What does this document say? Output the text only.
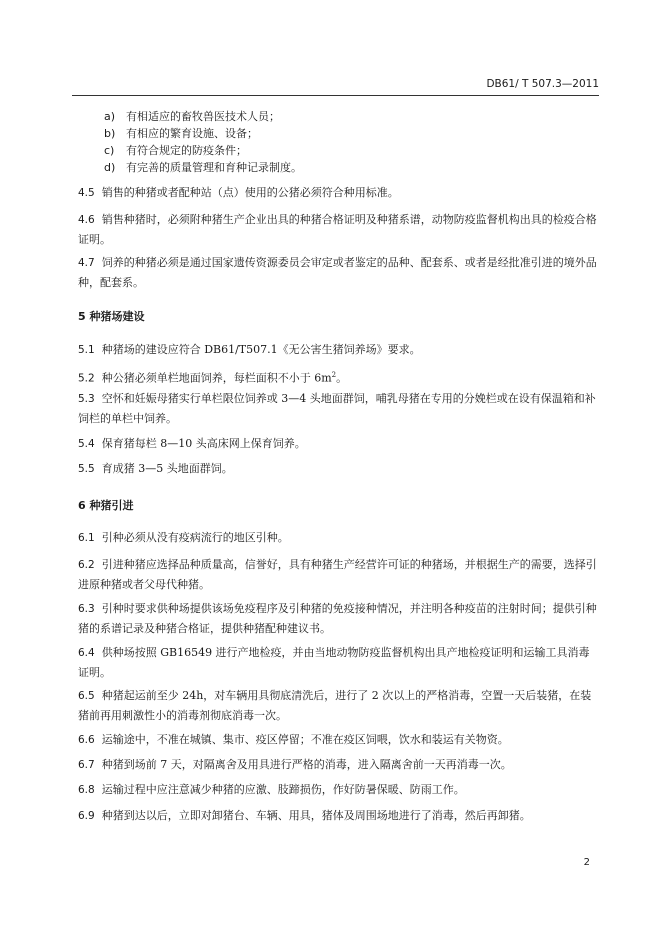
DB61/ T 507.3—2011
a) 有相适应的畜牧兽医技术人员；
b) 有相应的繁育设施、设备；
c) 有符合规定的防疫条件；
d) 有完善的质量管理和育种记录制度。
4.5 销售的种猪或者配种站（点）使用的公猪必须符合种用标准。
4.6 销售种猪时，必须附种猪生产企业出具的种猪合格证明及种猪系谱，动物防疫监督机构出具的检疫合格证明。
4.7 饲养的种猪必须是通过国家遗传资源委员会审定或者鉴定的品种、配套系、或者是经批准引进的境外品种，配套系。
5 种猪场建设
5.1 种猪场的建设应符合 DB61/T507.1《无公害生猪饲养场》要求。
5.2 种公猪必须单栏地面饲养，每栏面积不小于 $6m^2$。
5.3 空怀和妊娠母猪实行单栏限位饲养或 3—4 头地面群饲，哺乳母猪在专用的分娩栏或在设有保温箱和补饲栏的单栏中饲养。
5.4 保育猪每栏 8—10 头高床网上保育饲养。
5.5 育成猪 3—5 头地面群饲。
6 种猪引进
6.1 引种必须从没有疫病流行的地区引种。
6.2 引进种猪应选择品种质量高，信誉好，具有种猪生产经营许可证的种猪场，并根据生产的需要，选择引进原种猪或者父母代种猪。
6.3 引种时要求供种场提供该场免疫程序及引种猪的免疫接种情况，并注明各种疫苗的注射时间；提供引种猪的系谱记录及种猪合格证，提供种猪配种建议书。
6.4 供种场按照 GB16549 进行产地检疫，并由当地动物防疫监督机构出具产地检疫证明和运输工具消毒证明。
6.5 种猪起运前至少 24h，对车辆用具彻底清洗后，进行了 2 次以上的严格消毒，空置一天后装猪，在装猪前再用刺激性小的消毒剂彻底消毒一次。
6.6 运输途中，不准在城镇、集市、疫区停留；不准在疫区饲喂，饮水和装运有关物资。
6.7 种猪到场前 7 天，对隔离舍及用具进行严格的消毒，进入隔离舍前一天再消毒一次。
6.8 运输过程中应注意减少种猪的应激、肢蹄损伤，作好防暑保暖、防雨工作。
6.9 种猪到达以后，立即对卸猪台、车辆、用具，猪体及周围场地进行了消毒，然后再卸猪。
2
